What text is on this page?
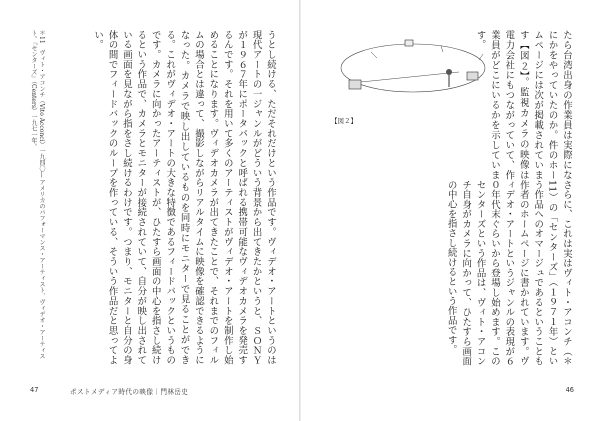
うとし続ける、ただそれだけという作品です。ヴィデオ・アートというのは現代アートの一ジャンルがどういう背景から出てきたかというと、ＳＯＮＹが１９６７年にポータパックと呼ばれる携帯可能なヴィデオカメラを発売するんです。それを用いて多くのアーティストがヴィデオ・アートを制作し始めることになります。ヴィデオカメラが出てきたことで、それまでのフィルムの場合とは違って、撮影しながらリアルタイムに映像を確認できるようになった。カメラで映し出しているものを同時にモニターで見ることができる。これがヴィデオ・アートの大きな特徴であるフィードバックというものです。カメラに向かったアーティストが、ひたすら画面の中心を指さし続けるという作品で、カメラとモニターが接続されていて、自分が映し出されている画面を見ながら指をさし続けるわけです。つまり、モニターと自分の身体の間でフィードバックのループを作っている、そういう作品だと思ってよい。
＊11　ヴィト・アコンチ（Vito Acconci）一九四〇― アメリカのパフォーマンス・アーティスト、ヴィデオ・アーティスト。『センターズ』（Centers）一九七一年。
47	ポストメディア時代の映像｜門林岳史
【図２】	たら台湾出身の作業員は実際になにかをやっていたのか。件のホームページには次が掲載されています【図２】。監視カメラの映像は電力会社にもつながっていて、作業員がどこにいるかを示しています。
さらに、これは実はヴィト・アコンチ（＊11）の「センターズ」（１９７１年）という作品へのオマージュであるということも作者のホームページに書かれています。ヴィデオ・アートというジャンルの表現が６０年代末ぐらいから登場し始めます。このセンターズという作品は、ヴィト・アコンチ自身がカメラに向かって、ひたすら画面の中心を指さし続けるという作品です。
46
